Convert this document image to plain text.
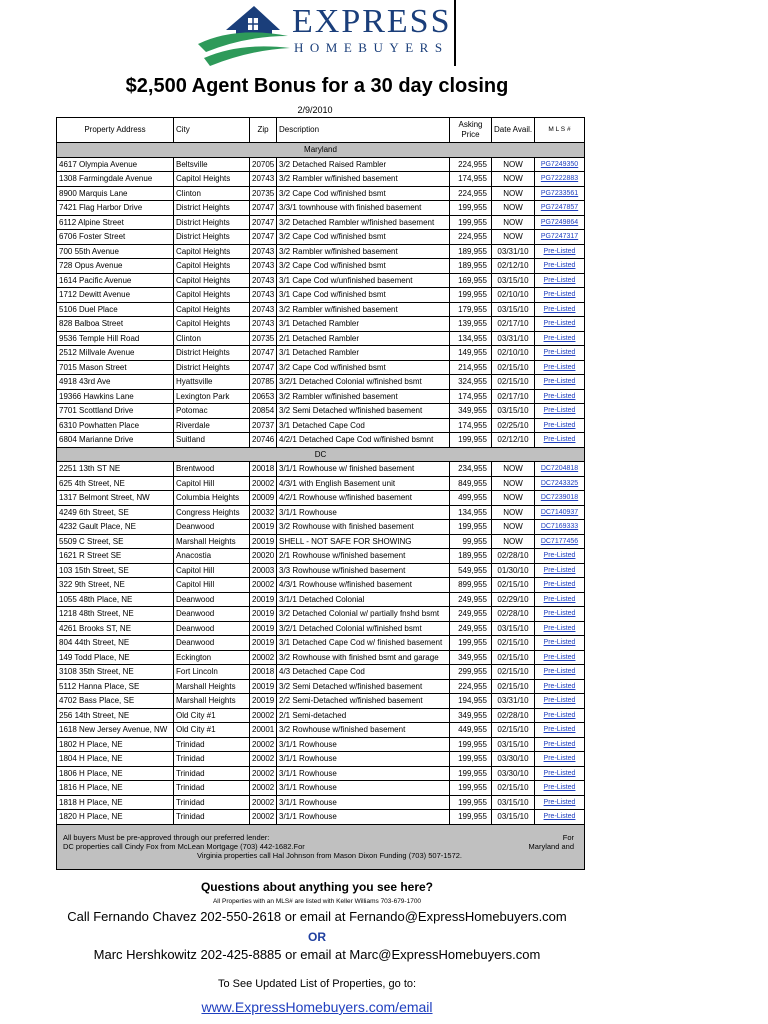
EXPRESS
HOMEBUYERS
$2,500 Agent Bonus for a 30 day closing
2/9/2010
Property Address	City	Zip	Description	Asking Price	Date Avail.	M L S #
Maryland						
4617 Olympia Avenue	Beltsville	20705	3/2 Detached Raised Rambler	224,955	NOW	PG7249350
1308 Farmingdale Avenue	Capitol Heights	20743	3/2 Rambler w/finished basement	174,955	NOW	PG7222883
8900 Marquis Lane	Clinton	20735	3/2 Cape Cod w/finished bsmt	224,955	NOW	PG7233561
7421 Flag Harbor Drive	District Heights	20747	3/3/1 townhouse with finished basement	199,955	NOW	PG7247857
6112 Alpine Street	District Heights	20747	3/2 Detached Rambler w/finished basement	199,955	NOW	PG7249864
6706 Foster Street	District Heights	20747	3/2 Cape Cod w/finished bsmt	224,955	NOW	PG7247317
700 55th Avenue	Capitol Heights	20743	3/2 Rambler w/finished basement	189,955	03/31/10	Pre-Listed
728 Opus Avenue	Capitol Heights	20743	3/2 Cape Cod w/finished bsmt	189,955	02/12/10	Pre-Listed
1614 Pacific Avenue	Capitol Heights	20743	3/1 Cape Cod w/unfinished basement	169,955	03/15/10	Pre-Listed
1712 Dewitt Avenue	Capitol Heights	20743	3/1 Cape Cod w/finished bsmt	199,955	02/10/10	Pre-Listed
5106 Duel Place	Capitol Heights	20743	3/2 Rambler w/finished basement	179,955	03/15/10	Pre-Listed
828 Balboa Street	Capitol Heights	20743	3/1 Detached Rambler	139,955	02/17/10	Pre-Listed
9536 Temple Hill Road	Clinton	20735	2/1 Detached Rambler	134,955	03/31/10	Pre-Listed
2512 Millvale Avenue	District Heights	20747	3/1 Detached Rambler	149,955	02/10/10	Pre-Listed
7015 Mason Street	District Heights	20747	3/2 Cape Cod w/finished bsmt	214,955	02/15/10	Pre-Listed
4918 43rd Ave	Hyattsville	20785	3/2/1 Detached Colonial w/finished bsmt	324,955	02/15/10	Pre-Listed
19366 Hawkins Lane	Lexington Park	20653	3/2 Rambler w/finished basement	174,955	02/17/10	Pre-Listed
7701 Scottland Drive	Potomac	20854	3/2 Semi Detached w/finished basement	349,955	03/15/10	Pre-Listed
6310 Powhatten Place	Riverdale	20737	3/1 Detached Cape Cod	174,955	02/25/10	Pre-Listed
6804 Marianne Drive	Suitland	20746	4/2/1 Detached Cape Cod w/finished bsmnt	199,955	02/12/10	Pre-Listed
DC						
2251 13th ST NE	Brentwood	20018	3/1/1 Rowhouse w/ finished basement	234,955	NOW	DC7204818
625 4th Street, NE	Capitol Hill	20002	4/3/1 with English Basement unit	849,955	NOW	DC7243325
1317 Belmont Street, NW	Columbia Heights	20009	4/2/1 Rowhouse w/finished basement	499,955	NOW	DC7239018
4249 6th Street, SE	Congress Heights	20032	3/1/1 Rowhouse	134,955	NOW	DC7140937
4232 Gault Place, NE	Deanwood	20019	3/2 Rowhouse with finished basement	199,955	NOW	DC7169333
5509 C Street, SE	Marshall Heights	20019	SHELL - NOT SAFE FOR SHOWING	99,955	NOW	DC7177456
1621 R Street SE	Anacostia	20020	2/1 Rowhouse w/finished basement	189,955	02/28/10	Pre-Listed
103 15th Street, SE	Capitol Hill	20003	3/3 Rowhouse w/finished basement	549,955	01/30/10	Pre-Listed
322 9th Street, NE	Capitol Hill	20002	4/3/1 Rowhouse w/finished basement	899,955	02/15/10	Pre-Listed
1055 48th Place, NE	Deanwood	20019	3/1/1 Detached Colonial	249,955	02/29/10	Pre-Listed
1218 48th Street, NE	Deanwood	20019	3/2 Detached Colonial w/ partially fnshd bsmt	249,955	02/28/10	Pre-Listed
4261 Brooks ST, NE	Deanwood	20019	3/2/1 Detached Colonial w/finished bsmt	249,955	03/15/10	Pre-Listed
804 44th Street, NE	Deanwood	20019	3/1 Detached Cape Cod w/ finished basement	199,955	02/15/10	Pre-Listed
149 Todd Place, NE	Eckington	20002	3/2 Rowhouse with finished bsmt and garage	349,955	02/15/10	Pre-Listed
3108 35th Street, NE	Fort Lincoln	20018	4/3 Detached Cape Cod	299,955	02/15/10	Pre-Listed
5112 Hanna Place, SE	Marshall Heights	20019	3/2 Semi Detached w/finished basement	224,955	02/15/10	Pre-Listed
4702 Bass Place, SE	Marshall Heights	20019	2/2 Semi-Detached w/finished basement	194,955	03/31/10	Pre-Listed
256 14th Street, NE	Old City #1	20002	2/1 Semi-detached	349,955	02/28/10	Pre-Listed
1618 New Jersey Avenue, NW	Old City #1	20001	3/2 Rowhouse w/finished basement	449,955	02/15/10	Pre-Listed
1802 H Place, NE	Trinidad	20002	3/1/1 Rowhouse	199,955	03/15/10	Pre-Listed
1804 H Place, NE	Trinidad	20002	3/1/1 Rowhouse	199,955	03/30/10	Pre-Listed
1806 H Place, NE	Trinidad	20002	3/1/1 Rowhouse	199,955	03/30/10	Pre-Listed
1816 H Place, NE	Trinidad	20002	3/1/1 Rowhouse	199,955	02/15/10	Pre-Listed
1818 H Place, NE	Trinidad	20002	3/1/1 Rowhouse	199,955	03/15/10	Pre-Listed
1820 H Place, NE	Trinidad	20002	3/1/1 Rowhouse	199,955	03/15/10	Pre-Listed

All buyers Must be pre-approved through our preferred lender:
DC properties call Cindy Fox from McLean Mortgage (703) 442-1682.For
For
Maryland and
Virginia properties call Hal Johnson from Mason Dixon Funding (703) 507-1572.						
Questions about anything you see here?
All Properties with an MLS# are listed with Keller Williams 703-679-1700
Call Fernando Chavez 202-550-2618 or email at Fernando@ExpressHomebuyers.com
OR
Marc Hershkowitz 202-425-8885 or email at Marc@ExpressHomebuyers.com
To See Updated List of Properties, go to:
www.ExpressHomebuyers.com/email
